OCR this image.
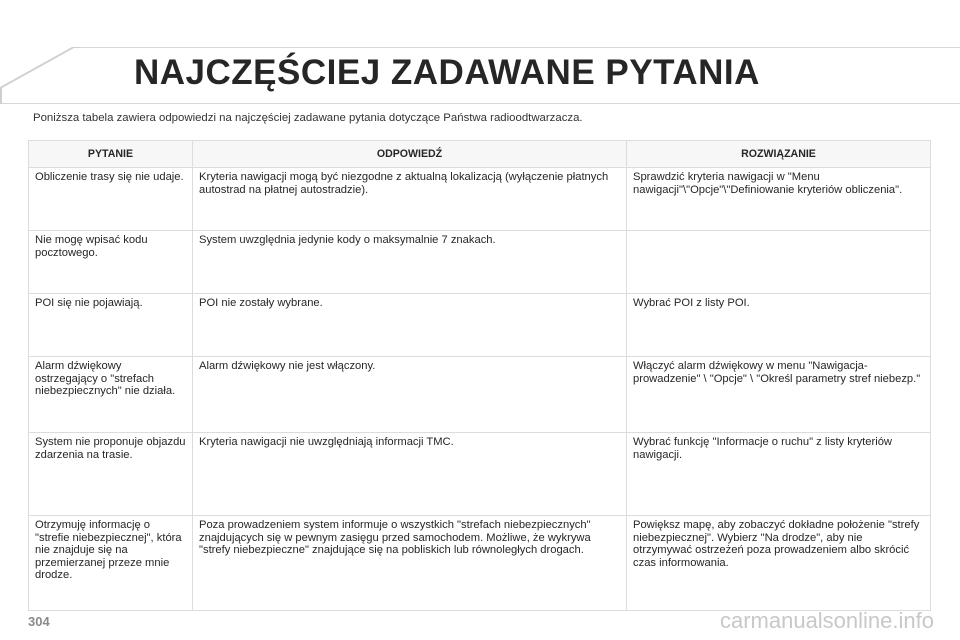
NAJCZĘŚCIEJ ZADAWANE PYTANIA
Poniższa tabela zawiera odpowiedzi na najczęściej zadawane pytania dotyczące Państwa radioodtwarzacza.
PYTANIE	ODPOWIEDŹ	ROZWIĄZANIE
Obliczenie trasy się nie udaje.	Kryteria nawigacji mogą być niezgodne z aktualną lokalizacją (wyłączenie płatnych autostrad na płatnej autostradzie).	Sprawdzić kryteria nawigacji w "Menu nawigacji"\"Opcje"\"Definiowanie kryteriów obliczenia".
Nie mogę wpisać kodu pocztowego.	System uwzględnia jedynie kody o maksymalnie 7 znakach.	
POI się nie pojawiają.	POI nie zostały wybrane.	Wybrać POI z listy POI.
Alarm dźwiękowy ostrzegający o "strefach niebezpiecznych" nie działa.	Alarm dźwiękowy nie jest włączony.	Włączyć alarm dźwiękowy w menu "Nawigacja-prowadzenie" \ "Opcje" \ "Określ parametry stref niebezp."
System nie proponuje objazdu zdarzenia na trasie.	Kryteria nawigacji nie uwzględniają informacji TMC.	Wybrać funkcję "Informacje o ruchu" z listy kryteriów nawigacji.
Otrzymuję informację o "strefie niebezpiecznej", która nie znajduje się na przemierzanej przeze mnie drodze.	Poza prowadzeniem system informuje o wszystkich "strefach niebezpiecznych" znajdujących się w pewnym zasięgu przed samochodem. Możliwe, że wykrywa "strefy niebezpieczne" znajdujące się na pobliskich lub równoległych drogach.	Powiększ mapę, aby zobaczyć dokładne położenie "strefy niebezpiecznej". Wybierz "Na drodze", aby nie otrzymywać ostrzeżeń poza prowadzeniem albo skrócić czas informowania.
304	carmanualsonline.info
